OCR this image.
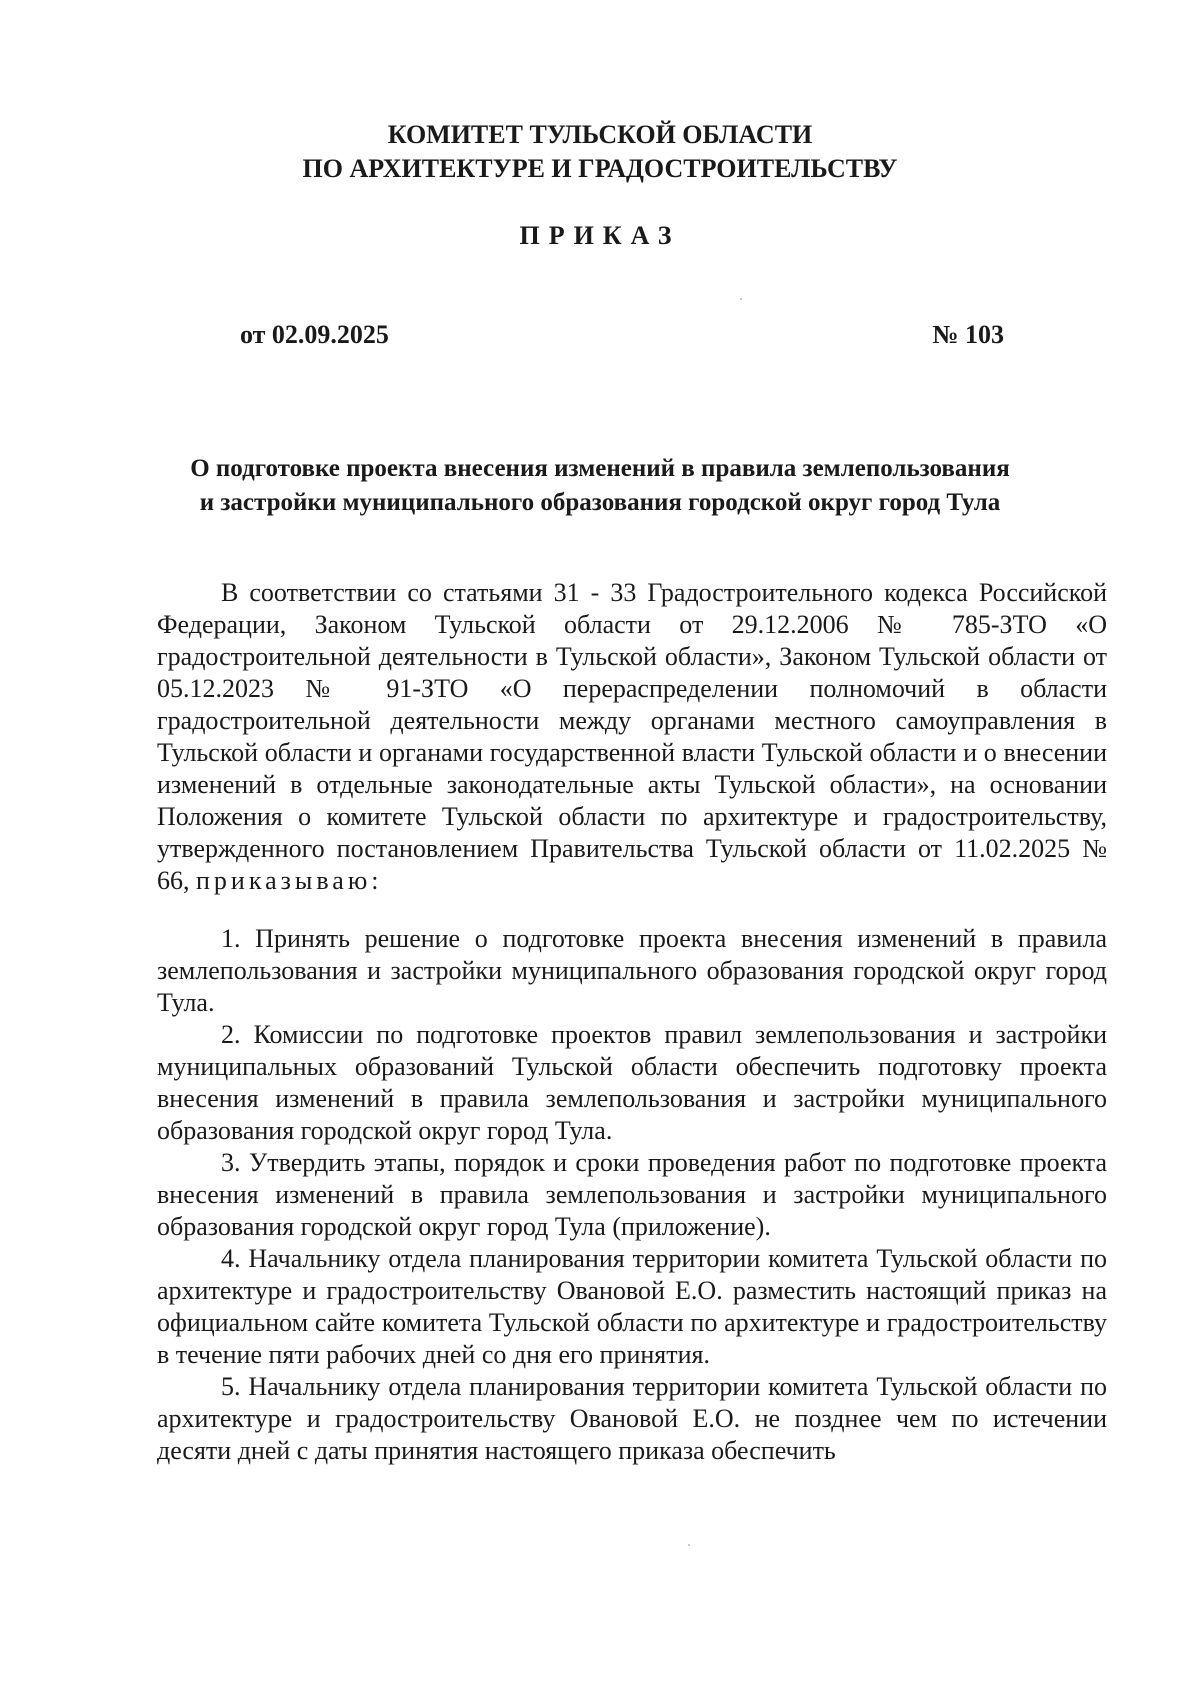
КОМИТЕТ ТУЛЬСКОЙ ОБЛАСТИ
ПО АРХИТЕКТУРЕ И ГРАДОСТРОИТЕЛЬСТВУ
ПРИКАЗ
от 02.09.2025	№ 103
О подготовке проекта внесения изменений в правила землепользования
и застройки муниципального образования городской округ город Тула

В соответствии со статьями 31 - 33 Градостроительного кодекса Российской Федерации, Законом Тульской области от 29.12.2006 № 785-ЗТО «О градостроительной деятельности в Тульской области», Законом Тульской области от 05.12.2023 № 91-ЗТО «О перераспределении полномочий в области градостроительной деятельности между органами местного самоуправления в Тульской области и органами государственной власти Тульской области и о внесении изменений в отдельные законодательные акты Тульской области», на основании Положения о комитете Тульской области по архитектуре и градостроительству, утвержденного постановлением Правительства Тульской области от 11.02.2025 № 66, приказываю:

1. Принять решение о подготовке проекта внесения изменений в правила землепользования и застройки муниципального образования городской округ город Тула.

2. Комиссии по подготовке проектов правил землепользования и застройки муниципальных образований Тульской области обеспечить подготовку проекта внесения изменений в правила землепользования и застройки муниципального образования городской округ город Тула.

3. Утвердить этапы, порядок и сроки проведения работ по подготовке проекта внесения изменений в правила землепользования и застройки муниципального образования городской округ город Тула (приложение).

4. Начальнику отдела планирования территории комитета Тульской области по архитектуре и градостроительству Овановой Е.О. разместить настоящий приказ на официальном сайте комитета Тульской области по архитектуре и градостроительству в течение пяти рабочих дней со дня его принятия.

5. Начальнику отдела планирования территории комитета Тульской области по архитектуре и градостроительству Овановой Е.О. не позднее чем по истечении десяти дней с даты принятия настоящего приказа обеспечить
